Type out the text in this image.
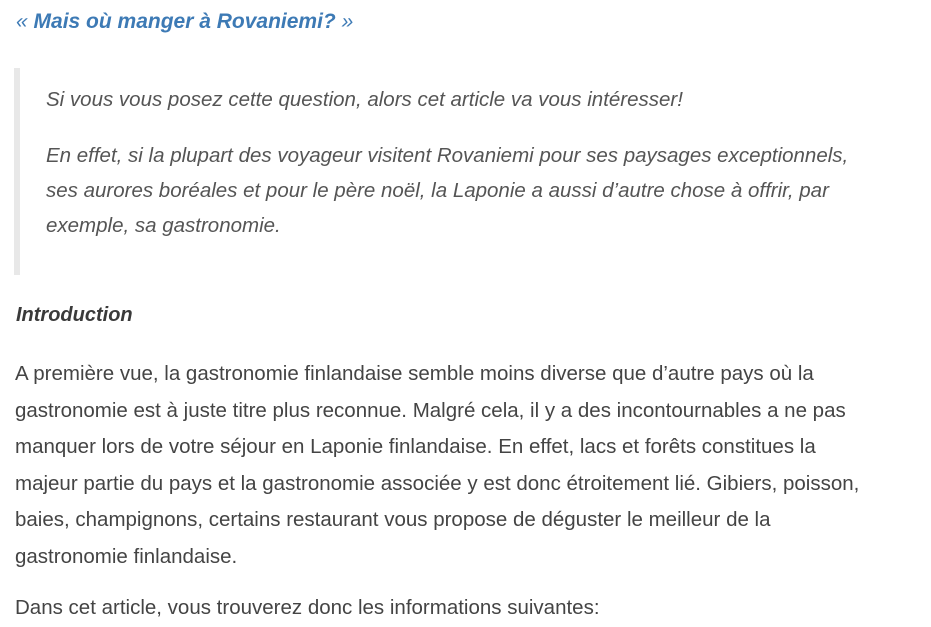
« Mais où manger à Rovaniemi? »

Si vous vous posez cette question, alors cet article va vous intéresser!

En effet, si la plupart des voyageur visitent Rovaniemi pour ses paysages exceptionnels,
ses aurores boréales et pour le père noël, la Laponie a aussi d’autre chose à offrir, par
exemple, sa gastronomie.

Introduction

A première vue, la gastronomie finlandaise semble moins diverse que d’autre pays où la
gastronomie est à juste titre plus reconnue. Malgré cela, il y a des incontournables a ne pas
manquer lors de votre séjour en Laponie finlandaise. En effet, lacs et forêts constitues la
majeur partie du pays et la gastronomie associée y est donc étroitement lié. Gibiers, poisson,
baies, champignons, certains restaurant vous propose de déguster le meilleur de la
gastronomie finlandaise.

Dans cet article, vous trouverez donc les informations suivantes:
